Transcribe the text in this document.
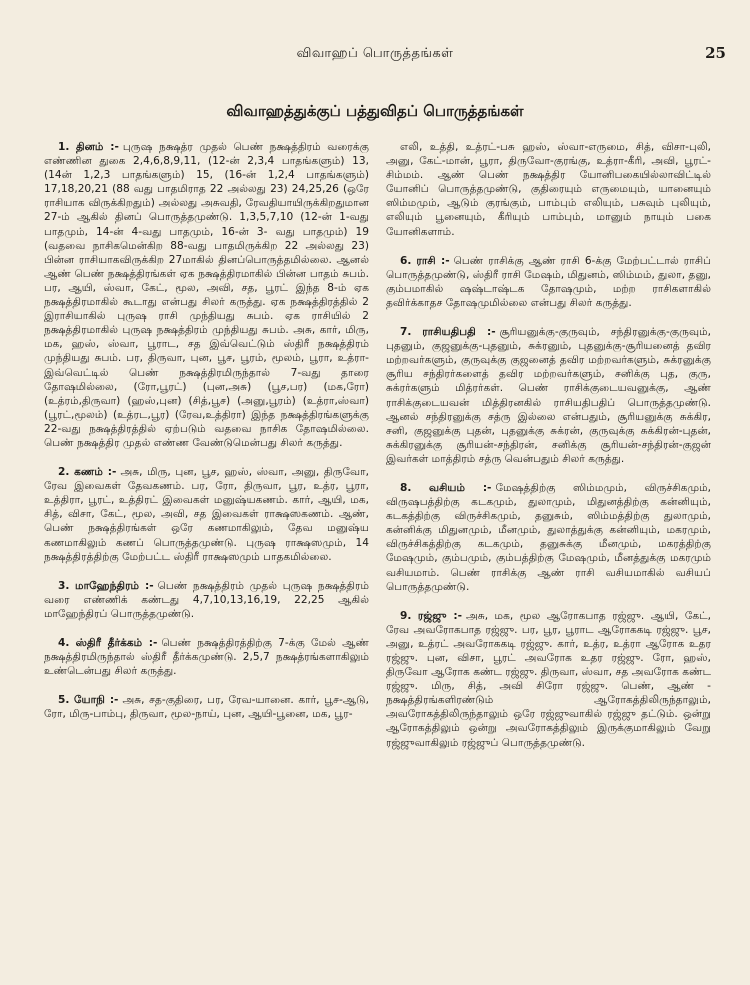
விவாஹப் பொருத்தங்கள்	25
விவாஹத்துக்குப் பத்துவிதப் பொருத்தங்கள்

1. தினம் :- புருஷ நக்ஷத்ர முதல் பெண் நக்ஷத்திரம் வரைக்கு எண்ணின துகை 2,4,6,8,9,11, (12-ன் 2,3,4 பாதங்களும்) 13, (14ன் 1,2,3 பாதங்களும்) 15, (16-ன் 1,2,4 பாதங்களும்) 17,18,20,21 (88 வது பாதமிராத 22 அல்லது 23) 24,25,26 (ஒரே ராசியாக விருக்கிறதும்) அல்லது அசுவதி, ரேவதியாயிருக்கிறதுமான 27-ம் ஆகில் தினப் பொருத்தமுண்டு. 1,3,5,7,10 (12-ன் 1-வது பாதமும், 14-ன் 4-வது பாதமும், 16-ன் 3- வது பாதமும்) 19 (வதவை நாசிகமென்கிற 88-வது பாதமிருக்கிற 22 அல்லது 23) பின்ன ராசியாகவிருக்கிற 27மாகில் தினப்பொருத்தமில்லை. ஆனல் ஆண் பெண் நக்ஷத்திரங்கள் ஏக நக்ஷத்திரமாகில் பின்ன பாதம் சுபம். பர, ஆயி, ஸ்வா, கேட், மூல, அவி, சத, பூரட் இந்த 8-ம் ஏக நக்ஷத்திரமாகில் கூடாது என்பது சிலர் கருத்து. ஏக நக்ஷத்திரத்தில் 2 இராசியாகில் புருஷ ராசி முந்தியது சுபம். ஏக ராசியில் 2 நக்ஷத்திரமாகில் புருஷ நக்ஷத்திரம் முந்தியது சுபம். அசு, கார், மிரு, மக, ஹஸ், ஸ்வா, பூராட, சத இவ்வெட்டும் ஸ்திரீ நக்ஷத்திரம் முந்தியது சுபம். பர, திருவா, புன, பூச, பூரம், மூலம், பூரா, உத்ரா-இவ்வெட்டில் பெண் நக்ஷத்திரமிருந்தால் 7-வது தாரை தோஷமில்லை, (ரோ,பூரட்) (புன,அசு) (பூச,பர) (மக,ரோ) (உத்ரம்,திருவா) (ஹஸ்,புன) (சித்,பூச) (அனு,பூரம்) (உத்ரா,ஸ்வா) (பூரட்,மூலம்) (உத்ரட,பூர) (ரேவ,உத்திரா) இந்த நக்ஷத்திரங்களுக்கு 22-வது நக்ஷத்திரத்தில் ஏற்படும் வதவை நாசிக தோஷமில்லை. பெண் நக்ஷத்திர முதல் எண்ண வேண்டுமென்பது சிலர் கருத்து.

2. கணம் :- அசு, மிரு, புன, பூச, ஹஸ், ஸ்வா, அனு, திருவோ, ரேவ இவைகள் தேவகணம். பர, ரோ, திருவா, பூர, உத்ர, பூரா, உத்திரா, பூரட், உத்திரட் இவைகள் மனுஷ்யகணம். கார், ஆயி, மக, சித், விசா, கேட், மூல, அவி, சத இவைகள் ராக்ஷஸகணம். ஆண், பெண் நக்ஷத்திரங்கள் ஒரே கணமாகிலும், தேவ மனுஷ்ய கணமாகிலும் கணப் பொருத்தமுண்டு. புருஷ ராக்ஷஸமும், 14 நக்ஷத்திரத்திற்கு மேற்பட்ட ஸ்திரீ ராக்ஷஸமும் பாதகமில்லை.

3. மாஹேந்திரம் :- பெண் நக்ஷத்திரம் முதல் புருஷ நக்ஷத்திரம் வரை எண்ணிக் கண்டது 4,7,10,13,16,19, 22,25 ஆகில் மாஹேந்திரப் பொருத்தமுண்டு.

4. ஸ்திரீ தீர்க்கம் :- பெண் நக்ஷத்திரத்திற்கு 7-க்கு மேல் ஆண் நக்ஷத்திரமிருந்தால் ஸ்திரீ தீர்க்கமுண்டு. 2,5,7 நக்ஷத்ரங்களாகிலும் உண்டென்பது சிலர் கருத்து.

5. யோநி :- அசு, சத-குதிரை, பர, ரேவ-யானை. கார், பூச-ஆடு, ரோ, மிரு-பாம்பு, திருவா, மூல-நாய், புன, ஆயி-பூனை, மக, பூர-

எலி, உத்தி, உத்ரட்-பசு ஹஸ், ஸ்வா-எருமை, சித், விசா-புலி, அனு, கேட்-மான், பூரா, திருவோ-குரங்கு, உத்ரா-கீரி, அவி, பூரட்-சிம்மம். ஆண் பெண் நக்ஷத்திர யோனிபகையில்லாவிட்டில் யோனிப் பொருத்தமுண்டு, குதிரையும் எருமையும், யானையும் ஸிம்மமும், ஆடும் குரங்கும், பாம்பும் எலியும், பசுவும் புலியும், எலியும் பூனையும், கீரியும் பாம்பும், மானும் நாயும் பகை யோனிகளாம்.

6. ராசி :- பெண் ராசிக்கு ஆண் ராசி 6-க்கு மேற்பட்டால் ராசிப் பொருத்தமுண்டு, ஸ்திரீ ராசி மேஷம், மிதுனம், ஸிம்மம், துலா, தனு, கும்பமாகில் ஷஷ்டாஷ்டக தோஷமும், மற்ற ராசிகளாகில் தவிர்க்காதச தோஷமுமில்லை என்பது சிலர் கருத்து.

7. ராசியதிபதி :- சூரியனுக்கு-குருவும், சந்திரனுக்கு-குருவும், புதனும், குஜனுக்கு-புதனும், சுக்ரனும், புதனுக்கு-சூரியனைத் தவிர மற்றவர்களும், குருவுக்கு குஜனைத் தவிர மற்றவர்களும், சுக்ரனுக்கு சூரிய சந்திரர்களைத் தவிர மற்றவர்களும், சனிக்கு புத, குரு, சுக்ரர்களும் மித்ரர்கள். பெண் ராசிக்குடையவனுக்கு, ஆண் ராசிக்குடையவன் மித்திரனகில் ராசியதிபதிப் பொருத்தமுண்டு. ஆனல் சந்திரனுக்கு சத்ரு இல்லை என்பதும், சூரியனுக்கு சுக்கிர, சனி, குஜனுக்கு புதன், புதனுக்கு சுக்ரன், குருவுக்கு சுக்கிரன்-புதன், சுக்கிரனுக்கு சூரியன்-சந்திரன், சனிக்கு சூரியன்-சந்திரன்-குஜன் இவர்கள் மாத்திரம் சத்ரு வென்பதும் சிலர் கருத்து.

8. வசியம் :- மேஷத்திற்கு ஸிம்மமும், விருச்சிகமும், விருஷபத்திற்கு கடகமும், துலாமும், மிதுனத்திற்கு கன்னியும், கடகத்திற்கு விருச்சிகமும், தனுசும், ஸிம்மத்திற்கு துலாமும், கன்னிக்கு மிதுனமும், மீனமும், துலாத்துக்கு கன்னியும், மகரமும், விருச்சிகத்திற்கு கடகமும், தனுசுக்கு மீனமும், மகரத்திற்கு மேஷமும், கும்பமும், கும்பத்திற்கு மேஷமும், மீனத்துக்கு மகரமும் வசியமாம். பெண் ராசிக்கு ஆண் ராசி வசியமாகில் வசியப் பொருத்தமுண்டு.

9. ரஜ்ஜு :- அசு, மக, மூல ஆரோகபாத ரஜ்ஜு. ஆயி, கேட், ரேவ அவரோகபாத ரஜ்ஜு. பர, பூர, பூராட ஆரோககடி ரஜ்ஜு. பூச, அனு, உத்ரட் அவரோககடி ரஜ்ஜு. கார், உத்ர, உத்ரா ஆரோக உதர ரஜ்ஜு. புன, விசா, பூரட் அவரோக உதர ரஜ்ஜு. ரோ, ஹஸ், திருவோ ஆரோக கண்ட ரஜ்ஜு. திருவா, ஸ்வா, சத அவரோக கண்ட ரஜ்ஜு. மிரு, சித், அவி சிரோ ரஜ்ஜு. பெண், ஆண் - நக்ஷத்திரங்களிரண்டும் ஆரோகத்திலிருந்தாலும், அவரோகத்திலிருந்தாலும் ஒரே ரஜ்ஜுவாகில் ரஜ்ஜு தட்டும். ஒன்று ஆரோகத்திலும் ஒன்று அவரோகத்திலும் இருக்குமாகிலும் வேறு ரஜ்ஜுவாகிலும் ரஜ்ஜுப் பொருத்தமுண்டு.
